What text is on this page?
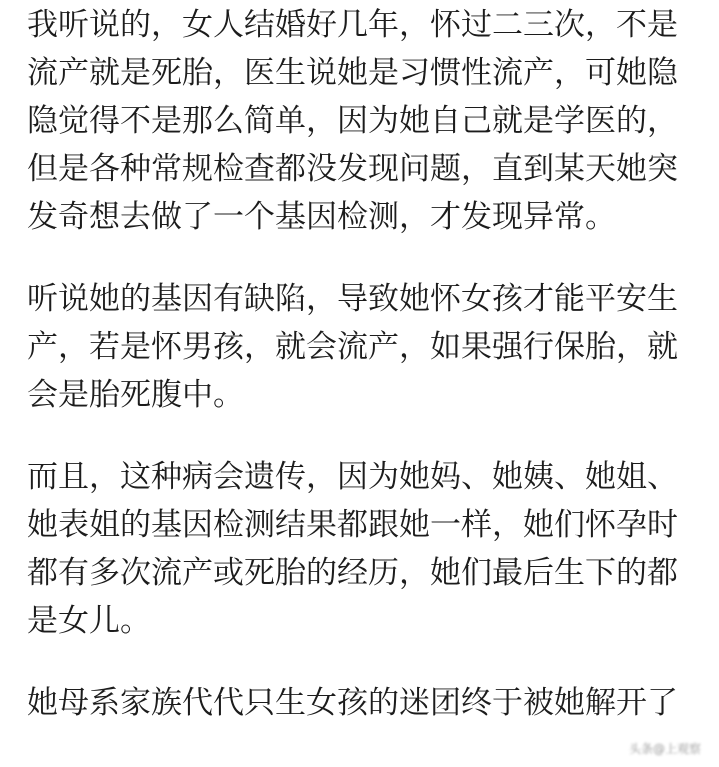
我听说的，女人结婚好几年，怀过二三次，不是

流产就是死胎，医生说她是习惯性流产，可她隐

隐觉得不是那么简单，因为她自己就是学医的，

但是各种常规检查都没发现问题，直到某天她突

发奇想去做了一个基因检测，才发现异常。

听说她的基因有缺陷，导致她怀女孩才能平安生

产，若是怀男孩，就会流产，如果强行保胎，就

会是胎死腹中。

而且，这种病会遗传，因为她妈、她姨、她姐、

她表姐的基因检测结果都跟她一样，她们怀孕时

都有多次流产或死胎的经历，她们最后生下的都

是女儿。

她母系家族代代只生女孩的迷团终于被她解开了

头条@上观察
